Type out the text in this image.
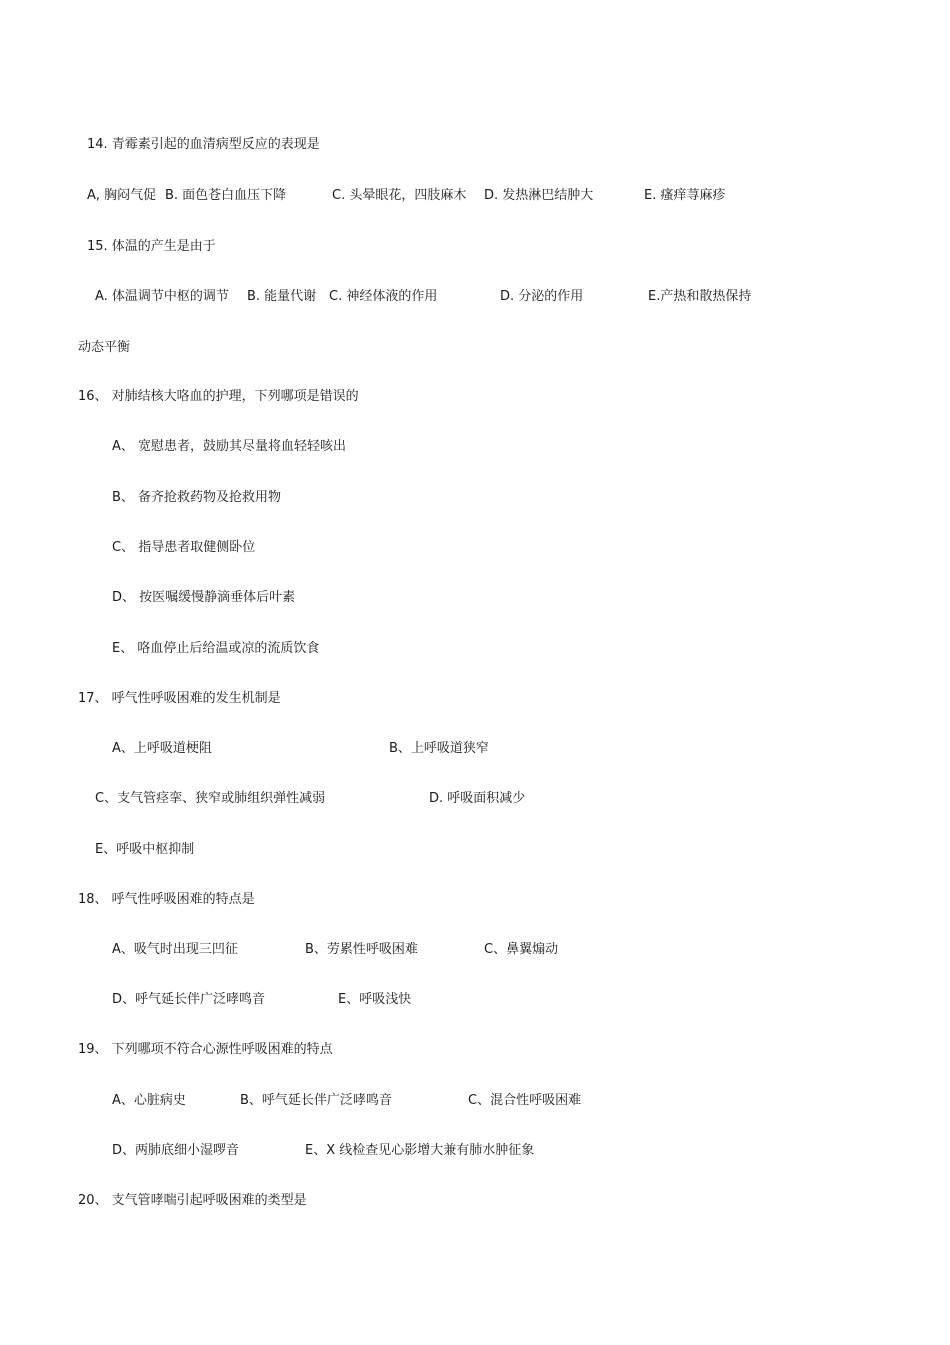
14. 青霉素引起的血清病型反应的表现是
A, 胸闷气促 B. 面色苍白血压下降	C. 头晕眼花，四肢麻木 D. 发热淋巴结肿大	E. 瘙痒荨麻疹
15. 体温的产生是由于
A. 体温调节中枢的调节 B. 能量代谢 C. 神经体液的作用	D. 分泌的作用	E.产热和散热保持
动态平衡
16、 对肺结核大咯血的护理，下列哪项是错误的
A、 宽慰患者，鼓励其尽量将血轻轻咳出
B、 备齐抢救药物及抢救用物
C、 指导患者取健侧卧位
D、 按医嘱缓慢静滴垂体后叶素
E、 咯血停止后给温或凉的流质饮食
17、 呼气性呼吸困难的发生机制是
A、上呼吸道梗阻	B、上呼吸道狭窄
C、支气管痉挛、狭窄或肺组织弹性减弱	D. 呼吸面积减少
E、呼吸中枢抑制
18、 呼气性呼吸困难的特点是
A、吸气时出现三凹征	B、劳累性呼吸困难	C、鼻翼煽动
D、呼气延长伴广泛哮鸣音	E、呼吸浅快
19、 下列哪项不符合心源性呼吸困难的特点
A、心脏病史	B、呼气延长伴广泛哮鸣音	C、混合性呼吸困难
D、两肺底细小湿啰音	E、X 线检查见心影增大兼有肺水肿征象
20、 支气管哮喘引起呼吸困难的类型是
